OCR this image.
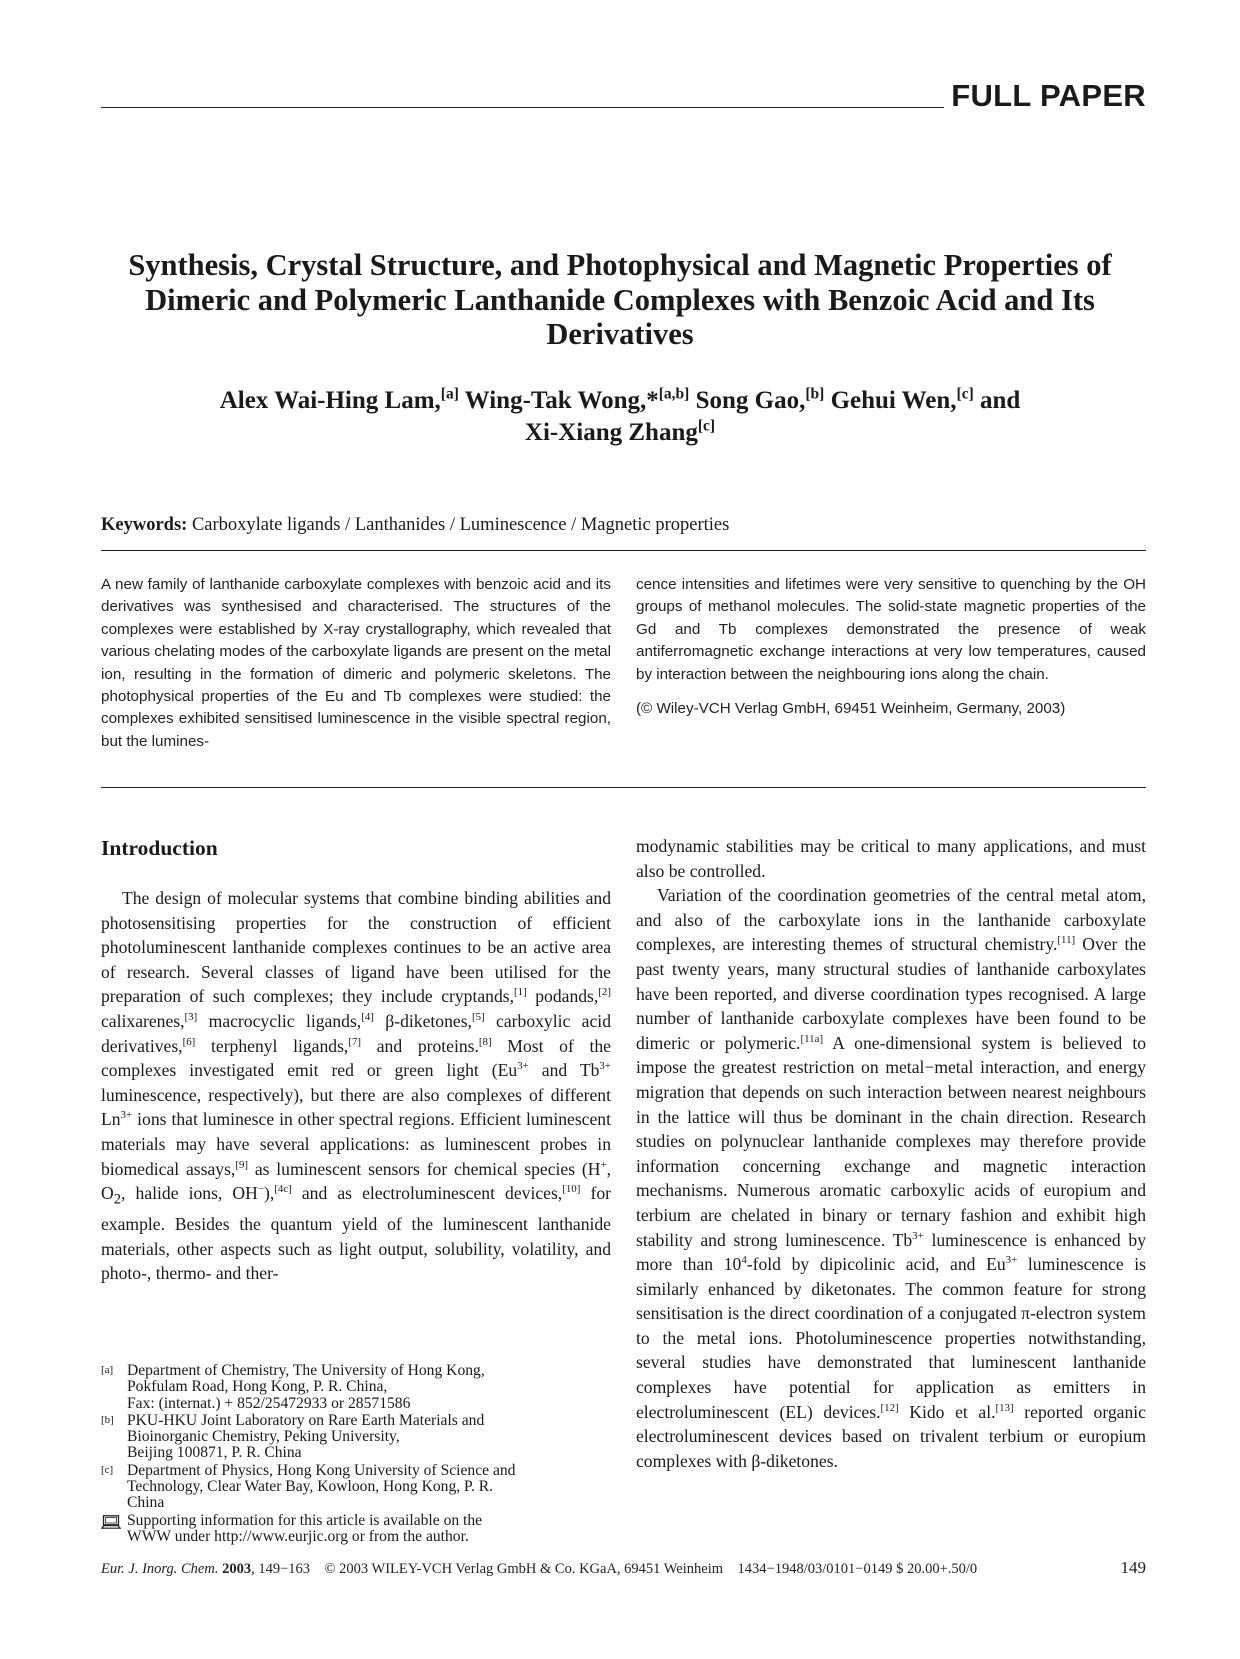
FULL PAPER
Synthesis, Crystal Structure, and Photophysical and Magnetic Properties of Dimeric and Polymeric Lanthanide Complexes with Benzoic Acid and Its Derivatives
Alex Wai-Hing Lam,[a] Wing-Tak Wong,*[a,b] Song Gao,[b] Gehui Wen,[c] and
Xi-Xiang Zhang[c]
Keywords: Carboxylate ligands / Lanthanides / Luminescence / Magnetic properties

A new family of lanthanide carboxylate complexes with benzoic acid and its derivatives was synthesised and characterised. The structures of the complexes were established by X-ray crystallography, which revealed that various chelating modes of the carboxylate ligands are present on the metal ion, resulting in the formation of dimeric and polymeric skeletons. The photophysical properties of the Eu and Tb complexes were studied: the complexes exhibited sensitised luminescence in the visible spectral region, but the lumines-

cence intensities and lifetimes were very sensitive to quenching by the OH groups of methanol molecules. The solid-state magnetic properties of the Gd and Tb complexes demonstrated the presence of weak antiferromagnetic exchange interactions at very low temperatures, caused by interaction between the neighbouring ions along the chain.

(© Wiley-VCH Verlag GmbH, 69451 Weinheim, Germany, 2003)

Introduction

The design of molecular systems that combine binding abilities and photosensitising properties for the construction of efficient photoluminescent lanthanide complexes continues to be an active area of research. Several classes of ligand have been utilised for the preparation of such complexes; they include cryptands,[1] podands,[2] calixarenes,[3] macrocyclic ligands,[4] β-diketones,[5] carboxylic acid derivatives,[6] terphenyl ligands,[7] and proteins.[8] Most of the complexes investigated emit red or green light ($Eu^{3+}$ and $Tb^{3+}$ luminescence, respectively), but there are also complexes of different $Ln^{3+}$ ions that luminesce in other spectral regions. Efficient luminescent materials may have several applications: as luminescent probes in biomedical assays,[9] as luminescent sensors for chemical species (H+, $O_2$, halide ions, OH−),[4c] and as electroluminescent devices,[10] for example. Besides the quantum yield of the luminescent lanthanide materials, other aspects such as light output, solubility, volatility, and photo-, thermo- and ther-

modynamic stabilities may be critical to many applications, and must also be controlled.

Variation of the coordination geometries of the central metal atom, and also of the carboxylate ions in the lanthanide carboxylate complexes, are interesting themes of structural chemistry.[11] Over the past twenty years, many structural studies of lanthanide carboxylates have been reported, and diverse coordination types recognised. A large number of lanthanide carboxylate complexes have been found to be dimeric or polymeric.[11a] A one-dimensional system is believed to impose the greatest restriction on metal−metal interaction, and energy migration that depends on such interaction between nearest neighbours in the lattice will thus be dominant in the chain direction. Research studies on polynuclear lanthanide complexes may therefore provide information concerning exchange and magnetic interaction mechanisms. Numerous aromatic carboxylic acids of europium and terbium are chelated in binary or ternary fashion and exhibit high stability and strong luminescence. $Tb^{3+}$ luminescence is enhanced by more than $10^4$-fold by dipicolinic acid, and $Eu^{3+}$ luminescence is similarly enhanced by diketonates. The common feature for strong sensitisation is the direct coordination of a conjugated π-electron system to the metal ions. Photoluminescence properties notwithstanding, several studies have demonstrated that luminescent lanthanide complexes have potential for application as emitters in electroluminescent (EL) devices.[12] Kido et al.[13] reported organic electroluminescent devices based on trivalent terbium or europium complexes with β-diketones.

[a] Department of Chemistry, The University of Hong Kong,
Pokfulam Road, Hong Kong, P. R. China,
Fax: (internat.) + 852/25472933 or 28571586
[b] PKU-HKU Joint Laboratory on Rare Earth Materials and
Bioinorganic Chemistry, Peking University,
Beijing 100871, P. R. China
[c] Department of Physics, Hong Kong University of Science and
Technology, Clear Water Bay, Kowloon, Hong Kong, P. R.
China
Supporting information for this article is available on the
WWW under http://www.eurjic.org or from the author.
Eur. J. Inorg. Chem. 2003, 149−163 © 2003 WILEY-VCH Verlag GmbH & Co. KGaA, 69451 Weinheim 1434−1948/03/0101−0149 $ 20.00+.50/0	149
